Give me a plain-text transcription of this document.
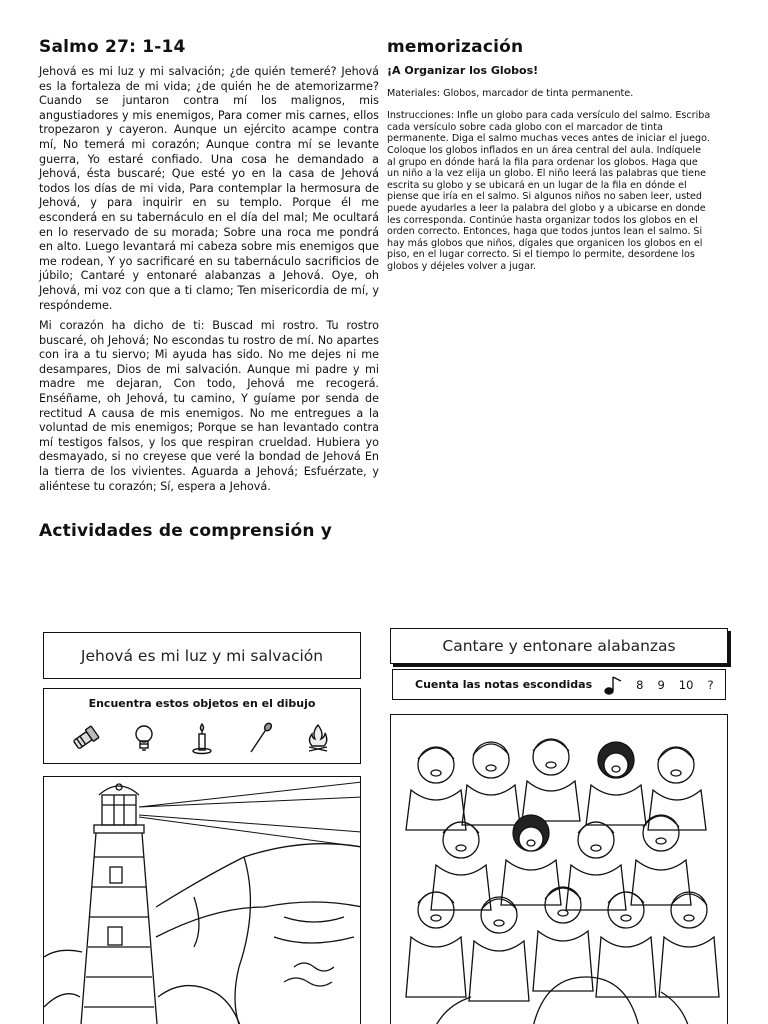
Salmo 27: 1-14

Jehová es mi luz y mi salvación; ¿de quién temeré? Jehová es la fortaleza de mi vida; ¿de quién he de atemorizarme? Cuando se juntaron contra mí los malignos, mis angustiadores y mis enemigos, Para comer mis carnes, ellos tropezaron y cayeron. Aunque un ejército acampe contra mí, No temerá mi corazón; Aunque contra mí se levante guerra, Yo estaré confiado. Una cosa he demandado a Jehová, ésta buscaré; Que esté yo en la casa de Jehová todos los días de mi vida, Para contemplar la hermosura de Jehová, y para inquirir en su templo. Porque él me esconderá en su tabernáculo en el día del mal; Me ocultará en lo reservado de su morada; Sobre una roca me pondrá en alto. Luego levantará mi cabeza sobre mis enemigos que me rodean, Y yo sacrificaré en su tabernáculo sacrificios de júbilo; Cantaré y entonaré alabanzas a Jehová. Oye, oh Jehová, mi voz con que a ti clamo; Ten misericordia de mí, y respóndeme.

Mi corazón ha dicho de ti: Buscad mi rostro. Tu rostro buscaré, oh Jehová; No escondas tu rostro de mí. No apartes con ira a tu siervo; Mi ayuda has sido. No me dejes ni me desampares, Dios de mi salvación. Aunque mi padre y mi madre me dejaran, Con todo, Jehová me recogerá. Enséñame, oh Jehová, tu camino, Y guíame por senda de rectitud A causa de mis enemigos. No me entregues a la voluntad de mis enemigos; Porque se han levantado contra mí testigos falsos, y los que respiran crueldad. Hubiera yo desmayado, si no creyese que veré la bondad de Jehová En la tierra de los vivientes. Aguarda a Jehová; Esfuérzate, y aliéntese tu corazón; Sí, espera a Jehová.

Actividades de comprensión y
memorización

¡A Organizar los Globos!

Materiales: Globos, marcador de tinta permanente.

Instrucciones: Infle un globo para cada versículo del salmo. Escriba cada versículo sobre cada globo con el marcador de tinta permanente. Diga el salmo muchas veces antes de iniciar el juego. Coloque los globos inflados en un área central del aula. Indíquele al grupo en dónde hará la fila para ordenar los globos. Haga que un niño a la vez elija un globo. El niño leerá las palabras que tiene escrita su globo y se ubicará en un lugar de la fila en dónde el piense que iría en el salmo. Si algunos niños no saben leer, usted puede ayudarles a leer la palabra del globo y a ubicarse en donde les corresponda. Continúe hasta organizar todos los globos en el orden correcto. Entonces, haga que todos juntos lean el salmo. Si hay más globos que niños, dígales que organicen los globos en el piso, en el lugar correcto. Si el tiempo lo permite, desordene los globos y déjeles volver a jugar.

Jehová es mi luz y mi salvación
Encuentra estos objetos en el dibujo
Cantare y entonare alabanzas
Cuenta las notas escondidas	8 9 10 ?
